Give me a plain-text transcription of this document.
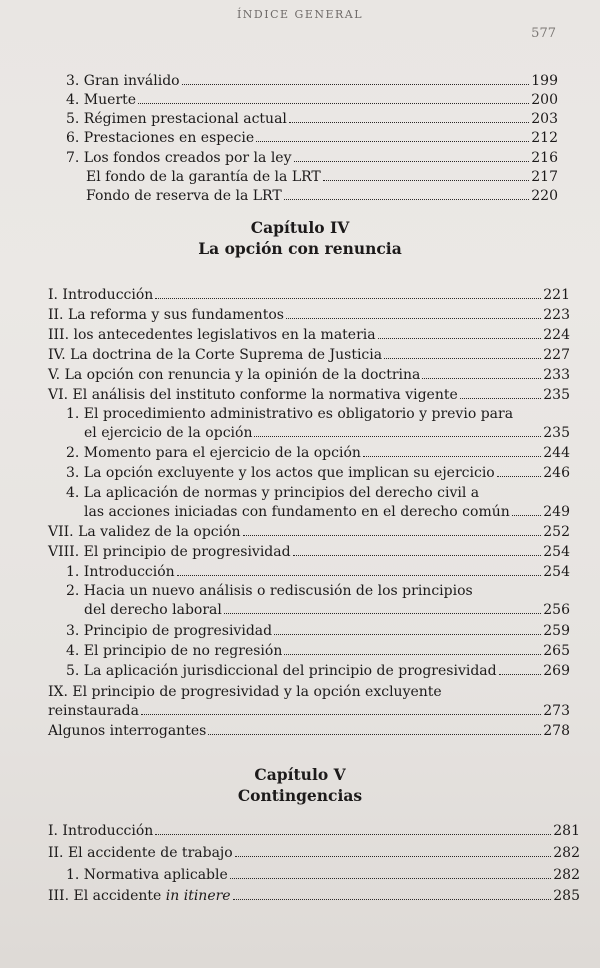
ÍNDICE GENERAL
577
3. Gran inválido	199
4. Muerte	200
5. Régimen prestacional actual	203
6. Prestaciones en especie	212
7. Los fondos creados por la ley	216
El fondo de la garantía de la LRT	217
Fondo de reserva de la LRT	220
Capítulo IV
La opción con renuncia
I. Introducción	221
II. La reforma y sus fundamentos	223
III. los antecedentes legislativos en la materia	224
IV. La doctrina de la Corte Suprema de Justicia	227
V. La opción con renuncia y la opinión de la doctrina	233
VI. El análisis del instituto conforme la normativa vigente	235
1. El procedimiento administrativo es obligatorio y previo para
el ejercicio de la opción	235
2. Momento para el ejercicio de la opción	244
3. La opción excluyente y los actos que implican su ejercicio	246
4. La aplicación de normas y principios del derecho civil a
las acciones iniciadas con fundamento en el derecho común 249
VII. La validez de la opción	252
VIII. El principio de progresividad	254
1. Introducción	254
2. Hacia un nuevo análisis o rediscusión de los principios
del derecho laboral	256
3. Principio de progresividad	259
4. El principio de no regresión	265
5. La aplicación jurisdiccional del principio de progresividad	269
IX. El principio de progresividad y la opción excluyente
reinstaurada	273
Algunos interrogantes	278
Capítulo V
Contingencias
I. Introducción	281
II. El accidente de trabajo	282
1. Normativa aplicable	282
III. El accidente in itinere	285
